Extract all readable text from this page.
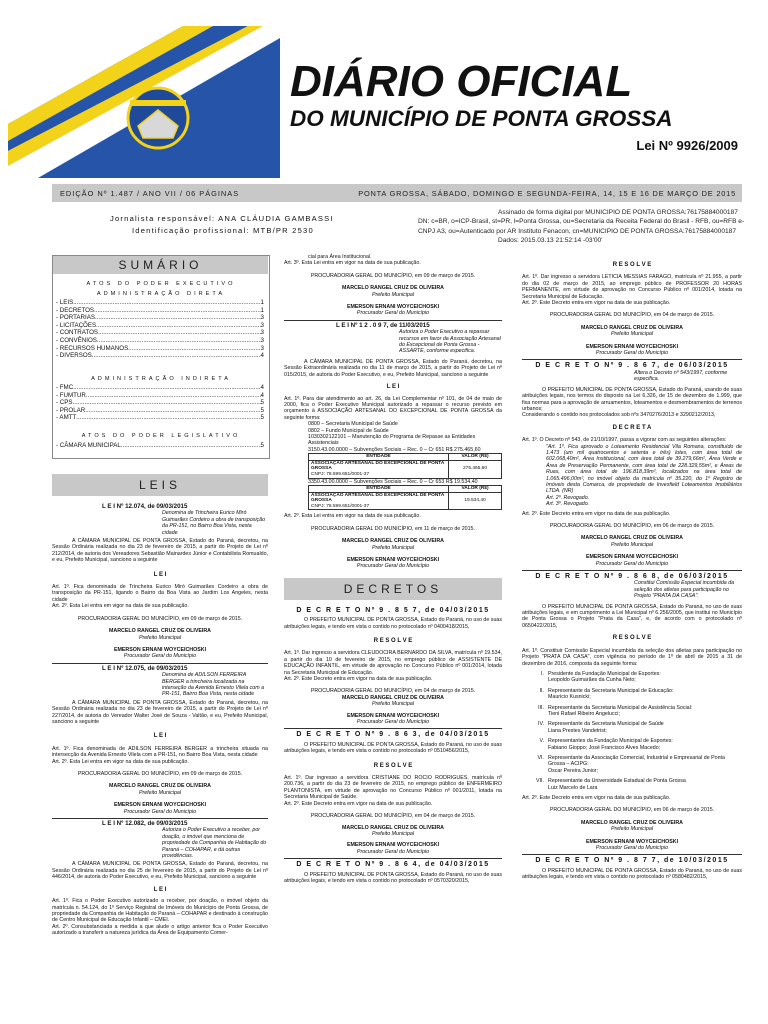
DIÁRIO OFICIAL
DO MUNICÍPIO DE PONTA GROSSA
Lei Nº 9926/2009
EDIÇÃO Nº 1.487 / ANO VII / 06 PÁGINAS	PONTA GROSSA, SÁBADO, DOMINGO E SEGUNDA-FEIRA, 14, 15 E 16 DE MARÇO DE 2015
Jornalista responsável: ANA CLÁUDIA GAMBASSI
Identificação profissional: MTB/PR 2530
Assinado de forma digital por MUNICIPIO DE PONTA GROSSA:76175884000187
DN: c=BR, o=ICP-Brasil, st=PR, l=Ponta Grossa, ou=Secretaria da Receita Federal do Brasil - RFB, ou=RFB e-
CNPJ A3, ou=Autenticado por AR Instituto Fenacon, cn=MUNICIPIO DE PONTA GROSSA:76175884000187
Dados: 2015.03.13 21:52:14 -03'00'
SUMÁRIO
ATOS DO PODER EXECUTIVO
ADMINISTRAÇÃO DIRETA
- LEIS .....	1
- DECRETOS .....	1
- PORTARIAS .....	3
- LICITAÇÕES .....	3
- CONTRATOS .....	3
- CONVÊNIOS .....	3
- RECURSOS HUMANOS .....	3
- DIVERSOS .....	4
ADMINISTRAÇÃO INDIRETA
- FMC .....	4
- FUMTUR .....	4
- CPS .....	5
- PROLAR .....	5
- AMTT .....	5
ATOS DO PODER LEGISLATIVO
- CÂMARA MUNICIPAL .....	5
LEIS
L E I Nº 12.074, de 09/03/2015
Denomina de Trincheira Eurico Miró Guimarães Cordeiro a obra de transposição da PR-151, no Bairro Boa Vista, nesta cidade
A CÂMARA MUNICIPAL DE PONTA GROSSA, Estado do Paraná, decretou, na Sessão Ordinária realizada no dia 23 de fevereiro de 2015, a partir do Projeto de Lei nº 212/2014, de autoria dos Vereadores Sebastião Mainardes Júnior e Contabilista Romualdo, e eu, Prefeito Municipal, sanciono a seguinte
L E I
Art. 1º. Fica denominada de Trincheira Eurico Miró Guimarães Cordeiro a obra de transposição da PR-151, ligando o Bairro da Boa Vista ao Jardim Los Angeles, nesta cidade
Art. 2º. Esta Lei entra em vigor na data de sua publicação.
PROCURADORIA GERAL DO MUNICÍPIO, em 09 de março de 2015.
MARCELO RANGEL CRUZ DE OLIVEIRA
Prefeito Municipal
EMERSON ERNANI WOYCEICHOSKI
Procurador Geral do Município
L E I Nº 12.075, de 09/03/2015
Denomina de ADILSON FERREIRA BERGER a trincheira localizada na interseção da Avenida Ernesto Vilela com a PR-151, Bairro Boa Vista, nesta cidade
A CÂMARA MUNICIPAL DE PONTA GROSSA, Estado do Paraná, decretou, na Sessão Ordinária realizada no dia 23 de fevereiro de 2015, a partir do Projeto de Lei nº 227/2014, de autoria do Vereador Walter José de Souza - Valtão, e eu, Prefeito Municipal, sanciono a seguinte
L E I
Art. 1º. Fica denominada de ADILSON FERREIRA BERGER a trincheira situada na intersecção da Avenida Ernesto Vilela com a PR-151, no Bairro Boa Vista, nesta cidade
Art. 2º. Esta Lei entra em vigor na data de sua publicação.
PROCURADORIA GERAL DO MUNICÍPIO, em 09 de março de 2015.
MARCELO RANGEL CRUZ DE OLIVEIRA
Prefeito Municipal
EMERSON ERNANI WOYCEICHOSKI
Procurador Geral do Município
L E I Nº 12.082, de 09/03/2015
Autoriza o Poder Executivo a receber, por doação, o imóvel que menciona de propriedade da Companhia de Habitação do Paraná – COHAPAR, e dá outras providências.
A CÂMARA MUNICIPAL DE PONTA GROSSA, Estado do Paraná, decretou, na Sessão Ordinária realizada no dia 25 de fevereiro de 2015, a partir do Projeto de Lei nº 446/2014, de autoria do Poder Executivo, e eu, Prefeito Municipal, sanciono a seguinte
L E I
Art. 1º. Fica o Poder Executivo autorizado a receber, por doação, o imóvel objeto da matrícula n. 54.124, do 1º Serviço Registral de Imóveis do Município de Ponta Grossa, de propriedade da Companhia de Habitação do Paraná – COHAPAR e destinado à construção de Centro Municipal de Educação Infantil – CMEI.
Art. 2º. Consubstanciada a medida a que alude o artigo anterior fica o Poder Executivo autorizado a transferir a natureza jurídica da Área de Equipamento Comer-
cial para Área Institucional.
Art. 3º. Esta Lei entra em vigor na data de sua publicação.
PROCURADORIA GERAL DO MUNICÍPIO, em 09 de março de 2015.
MARCELO RANGEL CRUZ DE OLIVEIRA
Prefeito Municipal
EMERSON ERNANI WOYCEICHOSKI
Procurador Geral do Município
L E I Nº 1 2 . 0 9 7, de 11/03/2015
Autoriza o Poder Executivo a repassar recursos em favor da Associação Artesanal do Excepcional de Ponta Grossa - ASSARTE, conforme especifica.
A CÂMARA MUNICIPAL DE PONTA GROSSA, Estado do Paraná, decretou, na Sessão Extraordinária realizada no dia 11 de março de 2015, a partir do Projeto de Lei nº 015/2015, de autoria do Poder Executivo, e eu, Prefeito Municipal, sanciono a seguinte
L E I
Art. 1º. Para dar atendimento ao art. 26, da Lei Complementar nº 101, de 04 de maio de 2000, fica o Poder Executivo Municipal autorizado a repassar o recurso previsto em orçamento à ASSOCIAÇÃO ARTESANAL DO EXCEPCIONAL DE PONTA GROSSA da seguinte forma:
0800 – Secretaria Municipal de Saúde
0802 – Fundo Municipal de Saúde
1030302122101 – Manutenção do Programa de Repasse as Entidades Assistenciais
3150.43.00.0000 – Subvenções Sociais – Rec. 0 – Cr 651 R$ 275.465,60
ENTIDADE	VALOR (R$)

ASSOCIAÇÃO ARTESANAL DO EXCEPCIONAL DE PONTA GROSSA
CNPJ: 78.599.651/0001-37	275.465,60
3350.43.00.0000 – Subvenções Sociais – Rec. 0 – Cr 653 R$ 19.534,40
ENTIDADE	VALOR (R$)

ASSOCIAÇÃO ARTESANAL DO EXCEPCIONAL DE PONTA GROSSA
CNPJ: 78.599.651/0001-37	19.534,40
Art. 2º. Esta Lei entra em vigor na data de sua publicação.
PROCURADORIA GERAL DO MUNICÍPIO, em 11 de março de 2015.
MARCELO RANGEL CRUZ DE OLIVEIRA
Prefeito Municipal
EMERSON ERNANI WOYCEICHOSKI
Procurador Geral do Município
DECRETOS
D E C R E T O Nº 9 . 8 5 7, de 04/03/2015
O PREFEITO MUNICIPAL DE PONTA GROSSA, Estado do Paraná, no uso de suas atribuições legais, e tendo em vista o contido no protocolado nº 0400418/2015,
R E S O L V E
Art. 1º. Dar ingresso a servidora CLEUDOCIRA BERNARDO DA SILVA, matrícula nº 19.534, a partir do dia 10 de fevereiro de 2015, no emprego público de ASSISTENTE DE EDUCAÇÃO INFANTIL, em virtude de aprovação no Concurso Público nº 001/2014, lotada na Secretaria Municipal de Educação.
Art. 2º. Este Decreto entra em vigor na data de sua publicação.
PROCURADORIA GERAL DO MUNICÍPIO, em 04 de março de 2015.
MARCELO RANGEL CRUZ DE OLIVEIRA
Prefeito Municipal
EMERSON ERNANI WOYCEICHOSKI
Procurador Geral do Município
D E C R E T O Nº 9 . 8 6 3, de 04/03/2015
O PREFEITO MUNICIPAL DE PONTA GROSSA, Estado do Paraná, no uso de suas atribuições legais, e tendo em vista o contido no protocolado nº 0510456/2015,
R E S O L V E
Art. 1º. Dar ingresso a servidora CRISTIANE DO ROCIO RODRIGUES, matrícula nº 200.736, a partir do dia 23 de fevereiro de 2015, no emprego público de ENFERMEIRO PLANTONISTA, em virtude de aprovação no Concurso Público nº 001/2011, lotada na Secretaria Municipal de Saúde.
Art. 2º. Este Decreto entra em vigor na data de sua publicação.
PROCURADORIA GERAL DO MUNICÍPIO, em 04 de março de 2015.
MARCELO RANGEL CRUZ DE OLIVEIRA
Prefeito Municipal
EMERSON ERNANI WOYCEICHOSKI
Procurador Geral do Município
D E C R E T O Nº 9 . 8 6 4, de 04/03/2015
O PREFEITO MUNICIPAL DE PONTA GROSSA, Estado do Paraná, no uso de suas atribuições legais, e tendo em vista o contido no protocolado nº 0570320/2015,
R E S O L V E
Art. 1º. Dar ingresso a servidora LETICIA MESSIAS FARAGO, matrícula nº 21.955, a partir do dia 02 de março de 2015, ao emprego público de PROFESSOR 20 HORAS PERMANENTE, em virtude de aprovação no Concurso Público nº 001/2014, lotada na Secretaria Municipal de Educação.
Art. 2º. Este Decreto entra em vigor na data de sua publicação.
PROCURADORIA GERAL DO MUNICÍPIO, em 04 de março de 2015.
MARCELO RANGEL CRUZ DE OLIVEIRA
Prefeito Municipal
EMERSON ERNANI WOYCEICHOSKI
Procurador Geral do Município
D E C R E T O Nº 9 . 8 6 7, de 06/03/2015
Altera o Decreto nº 543/1997, conforme especifica.
O PREFEITO MUNICIPAL DE PONTA GROSSA, Estado do Paraná, usando de suas atribuições legais, nos termos do disposto na Lei 6.326, de 15 de dezembro de 1.999, que fixa normas para a aprovação de arruamentos, loteamentos e desmembramentos de terrenos urbanos;
Considerando o contido nos protocolados sob nºs 3470276/2013 e 3290212/2013,
D E C R E T A
Art. 1º. O Decreto nº 543, de 21/10/1997, passa a vigorar com as seguintes alterações:
"Art. 1º. Fica aprovado o Loteamento Residencial Vila Romana, constituído de 1.473 (um mil quatrocentos e setenta e três) lotes, com área total de 602.068,40m², Área Institucional, com área total de 39.279,66m², Área Verde e Área de Preservação Permanente, com área total de 228.329,55m², e Áreas de Ruas, com área total de 196.818,39m², localizados na área total de 1.065.496,00m², no imóvel objeto da matrícula nº 35.220, do 1º Registro de Imóveis desta Comarca, de propriedade de Invesfield Loteamentos Imobiliários LTDA. (NR)
Art. 2º. Revogado.
Art. 3º. Revogado.
Art. 2º. Este Decreto entra em vigor na data de sua publicação.
PROCURADORIA GERAL DO MUNICÍPIO, em 06 de março de 2015.
MARCELO RANGEL CRUZ DE OLIVEIRA
Prefeito Municipal
EMERSON ERNANI WOYCEICHOSKI
Procurador Geral do Município
D E C R E T O Nº 9 . 8 6 8, de 06/03/2015
Constitui Comissão Especial incumbida da seleção dos atletas para participação no Projeto "PRATA DA CASA".
O PREFEITO MUNICIPAL DE PONTA GROSSA, Estado do Paraná, no uso de suas atribuições legais, e em cumprimento a Lei Municipal nº 6.256/2005, que institui no Município de Ponta Grossa o Projeto "Prata da Casa", e, de acordo com o protocolado nº 0650422/2015,
R E S O L V E
Art. 1º. Constituir Comissão Especial incumbida da seleção dos atletas para participação no Projeto "PRATA DA CASA", com vigência no período de 1º de abril de 2015 a 31 de dezembro de 2016, composta da seguinte forma:
I. Presidente da Fundação Municipal de Esportes:
Leopoldo Guimarães da Cunha Neto;
II. Representante da Secretaria Municipal de Educação:
Mauricio Kusnicki;
III. Representante da Secretaria Municipal de Assistência Social:
Tieni Rafael Ribeiro Angelucci;
IV. Representante da Secretaria Municipal de Saúde
Liana Prestes Vandetrist;
V. Representantes da Fundação Municipal de Esportes:
Fabiano Gioppo; José Francisco Alves Macedo;
VI. Representante da Associação Comercial, Industrial e Empresarial de Ponta Grossa – ACIPG:
Oscar Pereira Junior;
VII. Representante da Universidade Estadual de Ponta Grossa
Luiz Marcelo de Lara
Art. 2º. Este Decreto entra em vigor na data de sua publicação.
PROCURADORIA GERAL DO MUNICÍPIO, em 06 de março de 2015.
MARCELO RANGEL CRUZ DE OLIVEIRA
Prefeito Municipal
EMERSON ERNANI WOYCEICHOSKI
Procurador Geral do Município
D E C R E T O Nº 9 . 8 7 7, de 10/03/2015
O PREFEITO MUNICIPAL DE PONTA GROSSA, Estado do Paraná, no uso de suas atribuições legais, e tendo em vista o contido no protocolado nº 0580482/2015,
